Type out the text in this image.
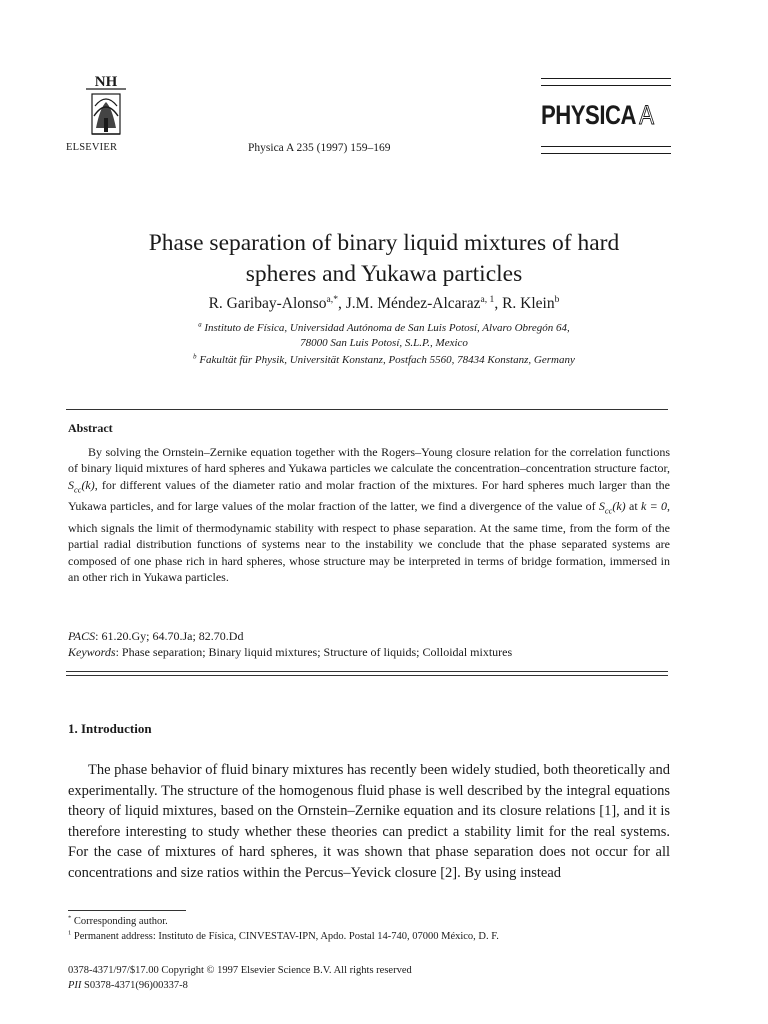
NH
ELSEVIER	Physica A 235 (1997) 159–169
PHYSICA A
Phase separation of binary liquid mixtures of hard
spheres and Yukawa particles
R. Garibay-Alonso$^{a,*}$, J.M. Méndez-Alcaraz$^{a, 1}$, R. Klein$^b$
$^a$ Instituto de Física, Universidad Autónoma de San Luis Potosí, Alvaro Obregón 64,
78000 San Luis Potosí, S.L.P., Mexico
$^b$ Fakultät für Physik, Universität Konstanz, Postfach 5560, 78434 Konstanz, Germany
Abstract

By solving the Ornstein–Zernike equation together with the Rogers–Young closure relation for the correlation functions of binary liquid mixtures of hard spheres and Yukawa particles we calculate the concentration–concentration structure factor, $S_{cc}(k)$, for different values of the diameter ratio and molar fraction of the mixtures. For hard spheres much larger than the Yukawa particles, and for large values of the molar fraction of the latter, we find a divergence of the value of $S_{cc}(k)$ at k = 0, which signals the limit of thermodynamic stability with respect to phase separation. At the same time, from the form of the partial radial distribution functions of systems near to the instability we conclude that the phase separated systems are composed of one phase rich in hard spheres, whose structure may be interpreted in terms of bridge formation, immersed in an other rich in Yukawa particles.

PACS: 61.20.Gy; 64.70.Ja; 82.70.Dd
Keywords: Phase separation; Binary liquid mixtures; Structure of liquids; Colloidal mixtures
1. Introduction

The phase behavior of fluid binary mixtures has recently been widely studied, both theoretically and experimentally. The structure of the homogenous fluid phase is well described by the integral equations theory of liquid mixtures, based on the Ornstein–Zernike equation and its closure relations [1], and it is therefore interesting to study whether these theories can predict a stability limit for the real systems. For the case of mixtures of hard spheres, it was shown that phase separation does not occur for all concentrations and size ratios within the Percus–Yevick closure [2]. By using instead

* Corresponding author.
$^1$ Permanent address: Instituto de Física, CINVESTAV-IPN, Apdo. Postal 14-740, 07000 México, D. F.
0378-4371/97/$17.00 Copyright © 1997 Elsevier Science B.V. All rights reserved
PII S0378-4371(96)00337-8
